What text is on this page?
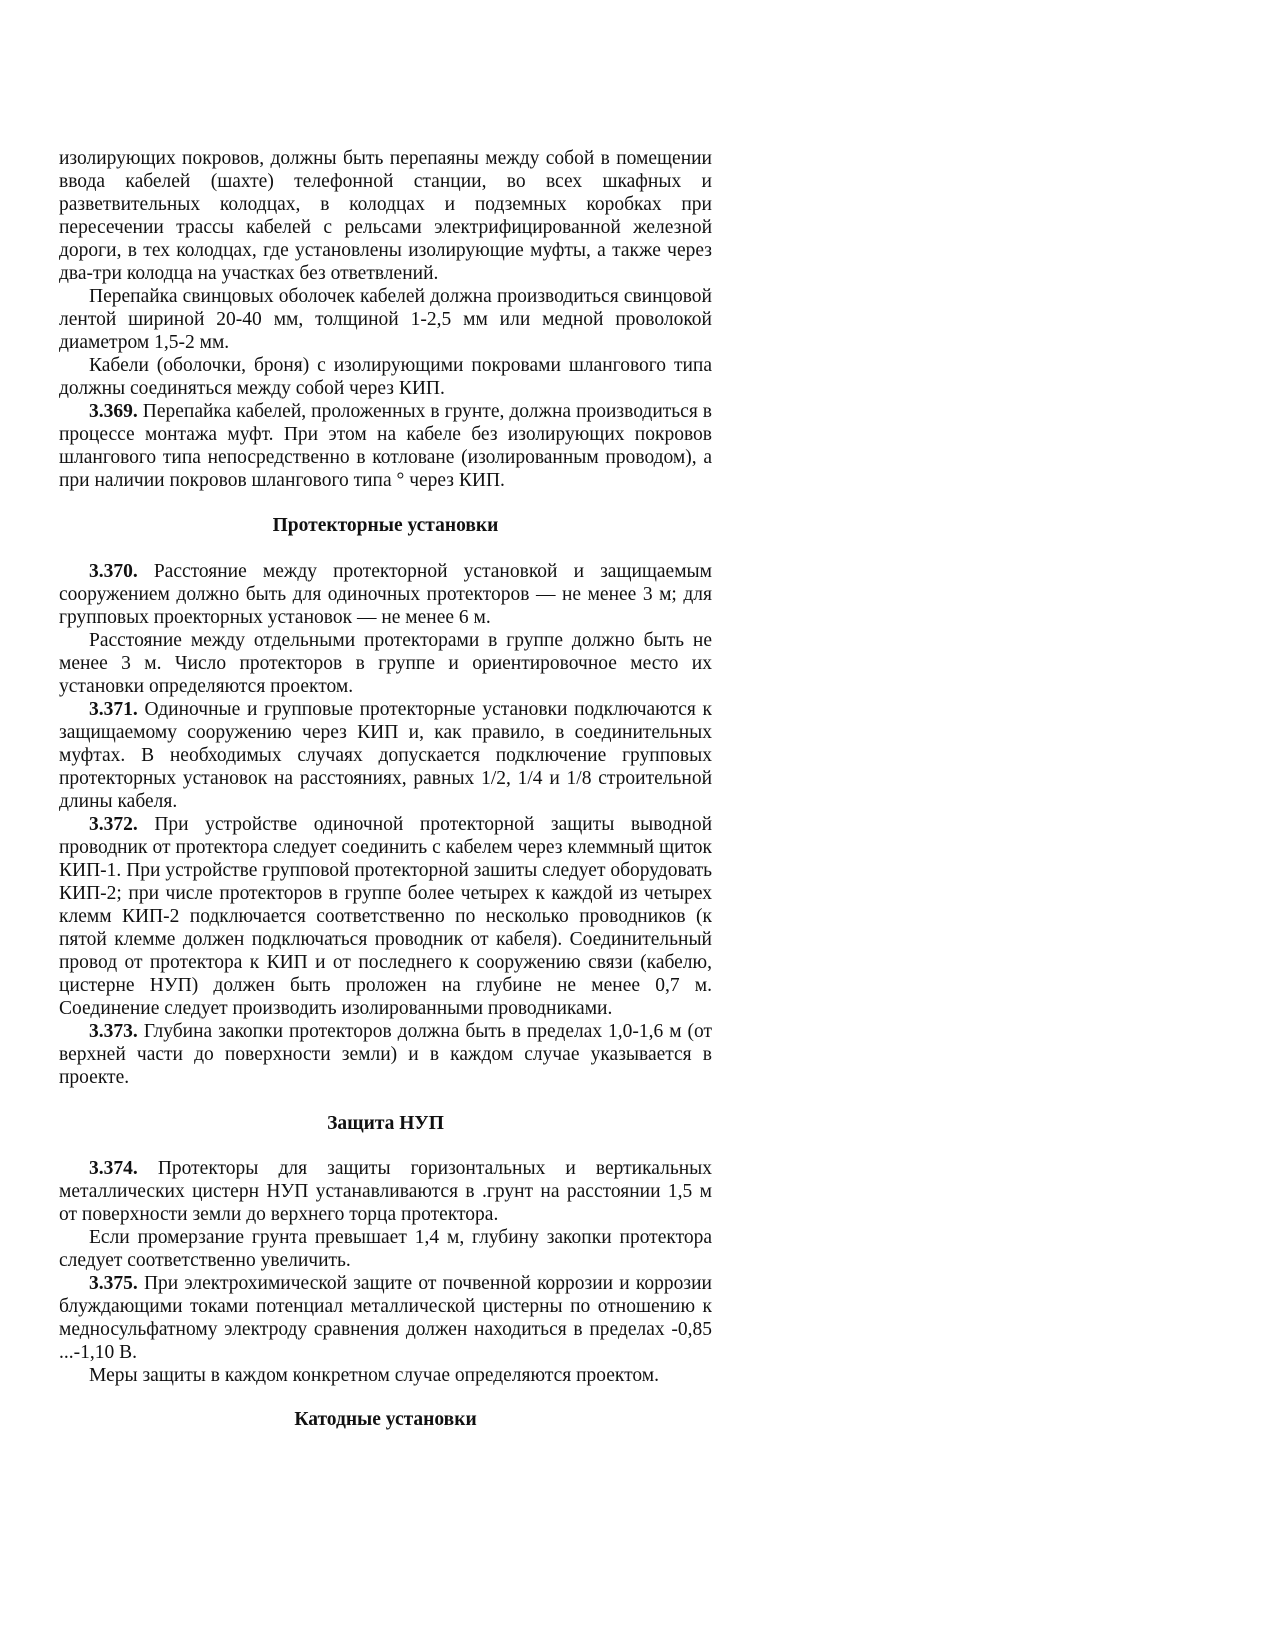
изолирующих покровов, должны быть перепаяны между собой в помещении ввода кабелей (шахте) телефонной станции, во всех шкафных и разветвительных колодцах, в колодцах и подземных коробках при пересечении трассы кабелей с рельсами электрифицированной железной дороги, в тех колодцах, где установлены изолирующие муфты, а также через два-три колодца на участках без ответвлений.

Перепайка свинцовых оболочек кабелей должна производиться свинцовой лентой шириной 20-40 мм, толщиной 1-2,5 мм или медной проволокой диаметром 1,5-2 мм.

Кабели (оболочки, броня) с изолирующими покровами шлангового типа должны соединяться между собой через КИП.

3.369. Перепайка кабелей, проложенных в грунте, должна производиться в процессе монтажа муфт. При этом на кабеле без изолирующих покровов шлангового типа непосредственно в котловане (изолированным проводом), а при наличии покровов шлангового типа ° через КИП.

Протекторные установки

3.370. Расстояние между протекторной установкой и защищаемым сооружением должно быть для одиночных протекторов — не менее 3 м; для групповых проекторных установок — не менее 6 м.

Расстояние между отдельными протекторами в группе должно быть не менее 3 м. Число протекторов в группе и ориентировочное место их установки определяются проектом.

3.371. Одиночные и групповые протекторные установки подключаются к защищаемому сооружению через КИП и, как правило, в соединительных муфтах. В необходимых случаях допускается подключение групповых протекторных установок на расстояниях, равных 1/2, 1/4 и 1/8 строительной длины кабеля.

3.372. При устройстве одиночной протекторной защиты выводной проводник от протектора следует соединить с кабелем через клеммный щиток КИП-1. При устройстве групповой протекторной зашиты следует оборудовать КИП-2; при числе протекторов в группе более четырех к каждой из четырех клемм КИП-2 подключается соответственно по несколько проводников (к пятой клемме должен подключаться проводник от кабеля). Соединительный провод от протектора к КИП и от последнего к сооружению связи (кабелю, цистерне НУП) должен быть проложен на глубине не менее 0,7 м. Соединение следует производить изолированными проводниками.

3.373. Глубина закопки протекторов должна быть в пределах 1,0-1,6 м (от верхней части до поверхности земли) и в каждом случае указывается в проекте.

Защита НУП

3.374. Протекторы для защиты горизонтальных и вертикальных металлических цистерн НУП устанавливаются в .грунт на расстоянии 1,5 м от поверхности земли до верхнего торца протектора.

Если промерзание грунта превышает 1,4 м, глубину закопки протектора следует соответственно увеличить.

3.375. При электрохимической защите от почвенной коррозии и коррозии блуждающими токами потенциал металлической цистерны по отношению к медносульфатному электроду сравнения должен находиться в пределах -0,85 ...-1,10 В.

Меры защиты в каждом конкретном случае определяются проектом.

Катодные установки
